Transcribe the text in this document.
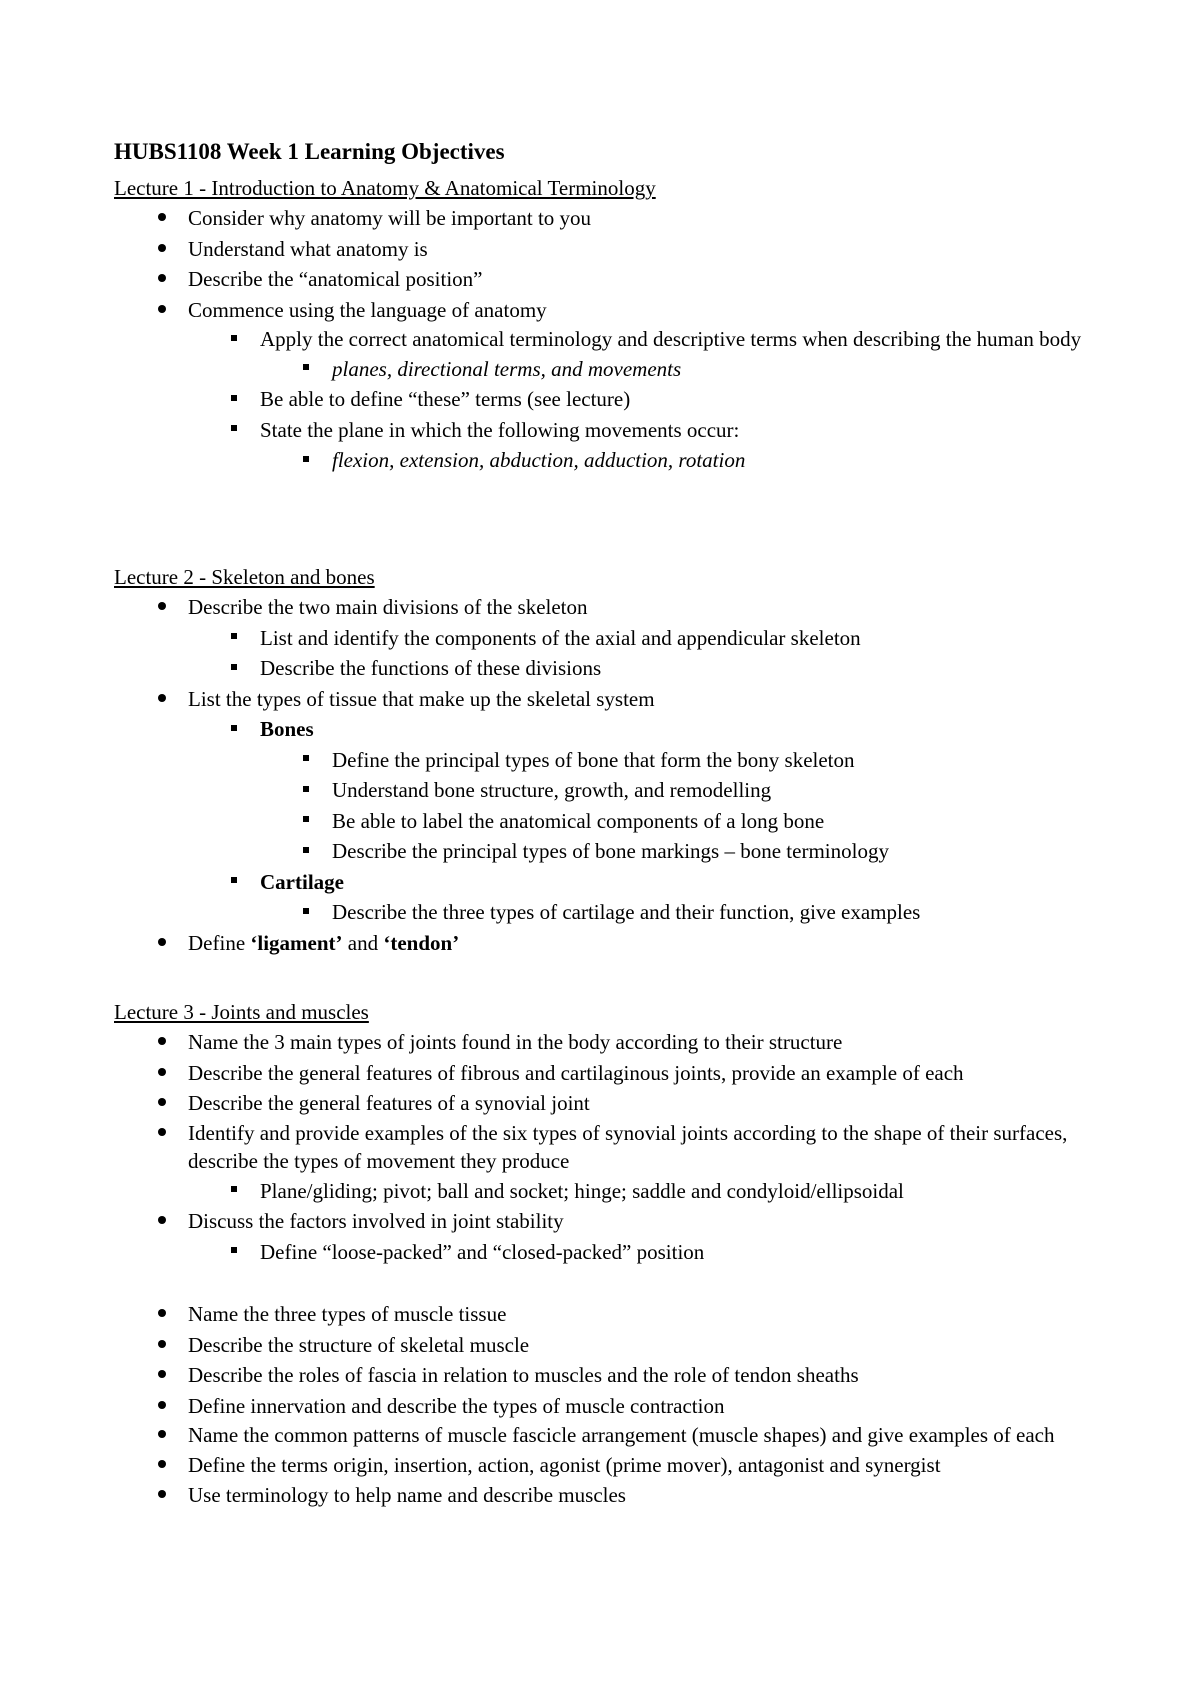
HUBS1108 Week 1 Learning Objectives

Lecture 1 - Introduction to Anatomy & Anatomical Terminology

Consider why anatomy will be important to you
Understand what anatomy is
Describe the “anatomical position”
Commence using the language of anatomy
Apply the correct anatomical terminology and descriptive terms when describing the human body
planes, directional terms, and movements
Be able to define “these” terms (see lecture)
State the plane in which the following movements occur:
flexion, extension, abduction, adduction, rotation

Lecture 2 - Skeleton and bones

Describe the two main divisions of the skeleton
List and identify the components of the axial and appendicular skeleton
Describe the functions of these divisions
List the types of tissue that make up the skeletal system
Bones
Define the principal types of bone that form the bony skeleton
Understand bone structure, growth, and remodelling
Be able to label the anatomical components of a long bone
Describe the principal types of bone markings – bone terminology
Cartilage
Describe the three types of cartilage and their function, give examples
Define ‘ligament’ and ‘tendon’

Lecture 3 - Joints and muscles

Name the 3 main types of joints found in the body according to their structure
Describe the general features of fibrous and cartilaginous joints, provide an example of each
Describe the general features of a synovial joint
Identify and provide examples of the six types of synovial joints according to the shape of their surfaces, describe the types of movement they produce
Plane/gliding; pivot; ball and socket; hinge; saddle and condyloid/ellipsoidal
Discuss the factors involved in joint stability
Define “loose-packed” and “closed-packed” position
Name the three types of muscle tissue
Describe the structure of skeletal muscle
Describe the roles of fascia in relation to muscles and the role of tendon sheaths
Define innervation and describe the types of muscle contraction
Name the common patterns of muscle fascicle arrangement (muscle shapes) and give examples of each
Define the terms origin, insertion, action, agonist (prime mover), antagonist and synergist
Use terminology to help name and describe muscles
